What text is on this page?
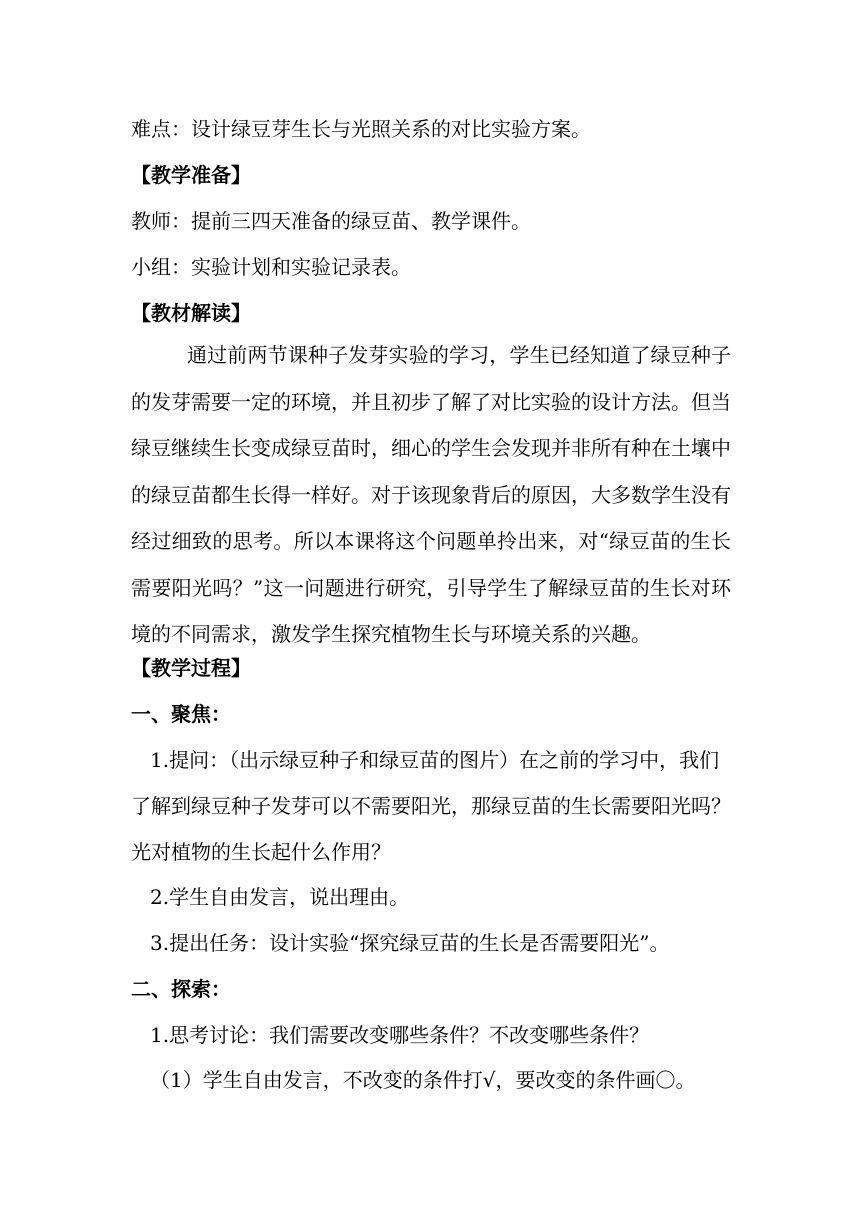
难点：设计绿豆芽生长与光照关系的对比实验方案。
【教学准备】
教师：提前三四天准备的绿豆苗、教学课件。
小组：实验计划和实验记录表。
【教材解读】
通过前两节课种子发芽实验的学习，学生已经知道了绿豆种子的发芽需要一定的环境，并且初步了解了对比实验的设计方法。但当绿豆继续生长变成绿豆苗时，细心的学生会发现并非所有种在土壤中的绿豆苗都生长得一样好。对于该现象背后的原因，大多数学生没有经过细致的思考。所以本课将这个问题单拎出来，对“绿豆苗的生长需要阳光吗？”这一问题进行研究，引导学生了解绿豆苗的生长对环境的不同需求，激发学生探究植物生长与环境关系的兴趣。
【教学过程】
一、聚焦：
1.提问：（出示绿豆种子和绿豆苗的图片）在之前的学习中，我们
了解到绿豆种子发芽可以不需要阳光，那绿豆苗的生长需要阳光吗？
光对植物的生长起什么作用？
2.学生自由发言，说出理由。
3.提出任务：设计实验“探究绿豆苗的生长是否需要阳光”。
二、探索：
1.思考讨论：我们需要改变哪些条件？不改变哪些条件？
（1）学生自由发言，不改变的条件打√，要改变的条件画〇。
